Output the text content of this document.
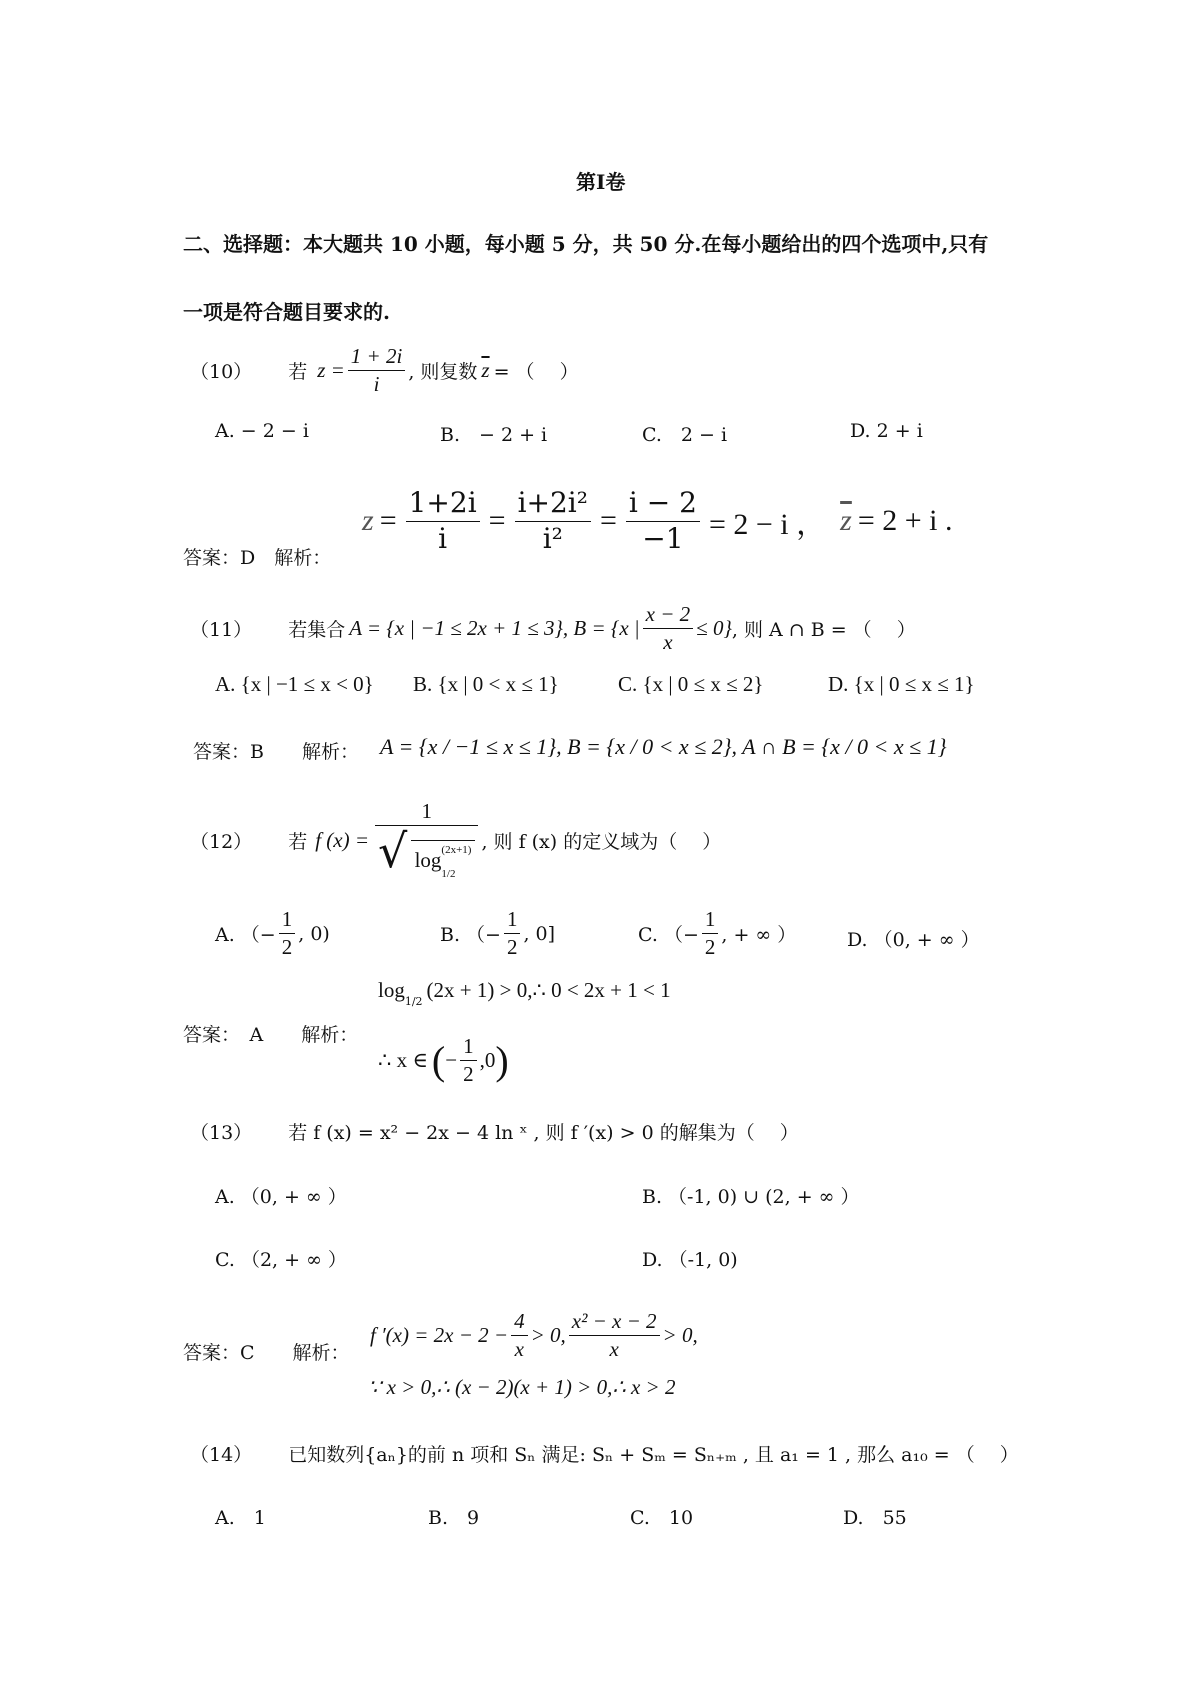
第I卷
二、选择题：本大题共 10 小题，每小题 5 分，共 50 分.在每小题给出的四个选项中,只有
一项是符合题目要求的.
（10） 若 $z = \frac{1 + 2i}{i}$ , 则复数 $\overline{z}$ = （　 ）
A. − 2 − i	B.　− 2 + i	C.　2 − i	D. 2 + i
答案：D　解析：
$z = \frac{1+2i}{i} = \frac{\text{i+2i²}}{\text{i²}} = \frac{i - 2}{-1} = 2 - i$ ， $\overline{z} = 2 + i$ .
（11） 若集合 A = {x | −1 ≤ 2x + 1 ≤ 3}, B = {x | $\frac{x - 2}{x} \le 0$} , 则 A ∩ B = （　 ）
A. {x | −1 ≤ x < 0} B. {x | 0 < x ≤ 1}	C. {x | 0 ≤ x ≤ 2}	D. {x | 0 ≤ x ≤ 1}
答案：B　　解析： A = {x / −1 ≤ x ≤ 1}, B = {x / 0 < x ≤ 2}, A ∩ B = {x / 0 < x ≤ 1}
（12） 若 f (x) = 1
√ log (2x+1)
1/2 , 则 f (x) 的定义域为（　 ）
A. （− $\frac{1}{2}$ , 0)	B. （− $\frac{1}{2}$ , 0]	C. （− $\frac{1}{2}$ , + ∞ ）	D. （0, + ∞ ）
答案：　A　　解析：
log 1/2 (2x + 1) > 0,∴ 0 < 2x + 1 < 1
∴ x ∈ ( − $\frac{1}{2} ,0$ )
（13） 若 f (x) = x² − 2x − 4 ln ˣ , 则 f ′(x) > 0 的解集为（　 ）
A. （0, + ∞ ）	B. （-1, 0) ∪ (2, + ∞ ）
C. （2, + ∞ ）	D. （-1, 0)
答案：C　　解析：
f $'(x) = 2x - 2 - \frac{4}{x} > 0$, $\frac{\text{x² − x − 2}}{x} > 0$,
∵ x > 0,∴ (x − 2)(x + 1) > 0,∴ x > 2
（14） 已知数列{aₙ}的前 n 项和 Sₙ 满足: Sₙ + Sₘ = Sₙ₊ₘ , 且 a₁ = 1 , 那么 a₁₀ = （　 ）
A.　1	B.　9	C.　10	D.　55
